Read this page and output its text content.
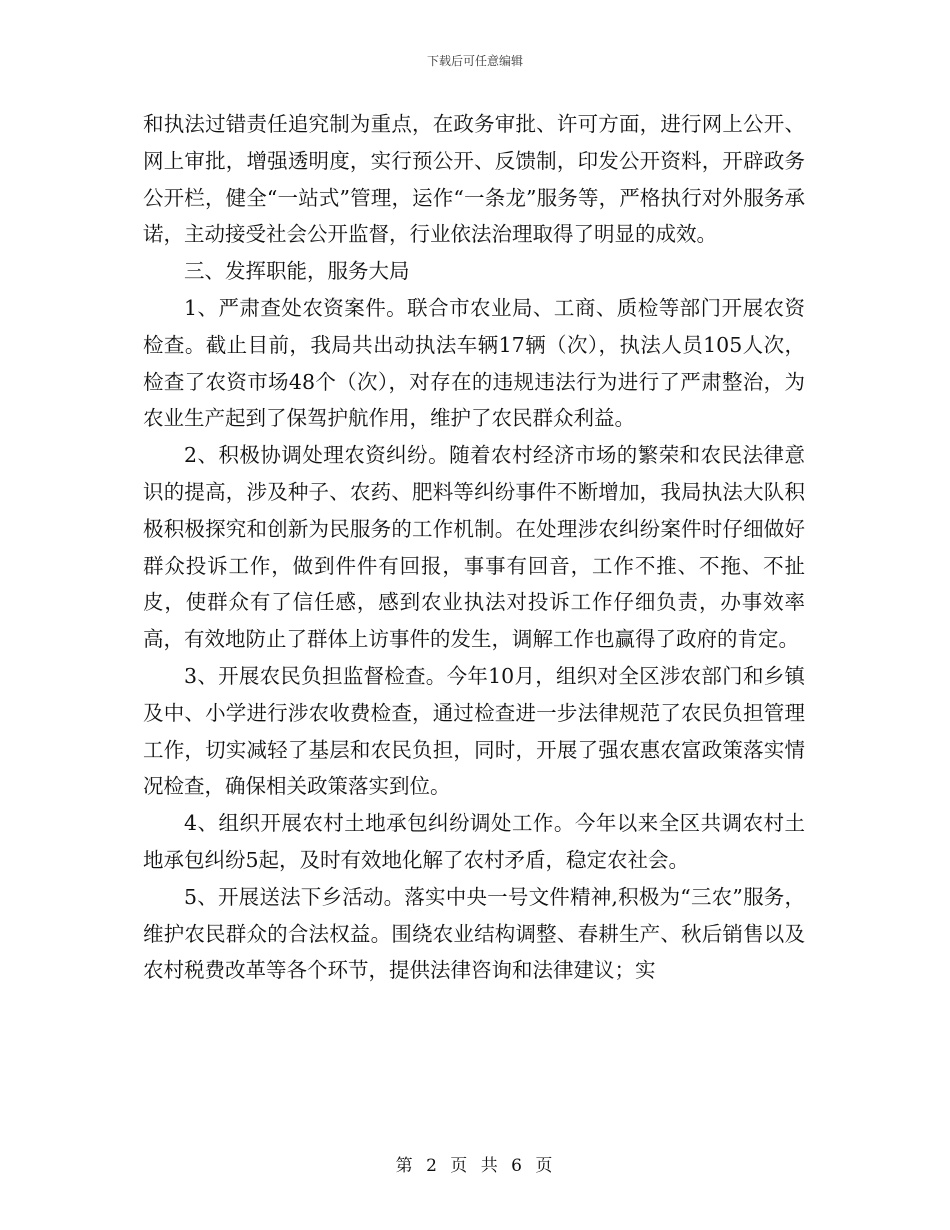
下载后可任意编辑

和执法过错责任追究制为重点，在政务审批、许可方面，进行网上公开、网上审批，增强透明度，实行预公开、反馈制，印发公开资料，开辟政务公开栏，健全“一站式”管理，运作“一条龙”服务等，严格执行对外服务承诺，主动接受社会公开监督，行业依法治理取得了明显的成效。

三、发挥职能，服务大局

1、严肃查处农资案件。联合市农业局、工商、质检等部门开展农资检查。截止目前，我局共出动执法车辆17辆（次），执法人员105人次，检查了农资市场48个（次），对存在的违规违法行为进行了严肃整治，为农业生产起到了保驾护航作用，维护了农民群众利益。

2、积极协调处理农资纠纷。随着农村经济市场的繁荣和农民法律意识的提高，涉及种子、农药、肥料等纠纷事件不断增加，我局执法大队积极积极探究和创新为民服务的工作机制。在处理涉农纠纷案件时仔细做好群众投诉工作，做到件件有回报，事事有回音，工作不推、不拖、不扯皮，使群众有了信任感，感到农业执法对投诉工作仔细负责，办事效率高，有效地防止了群体上访事件的发生，调解工作也赢得了政府的肯定。

3、开展农民负担监督检查。今年10月，组织对全区涉农部门和乡镇及中、小学进行涉农收费检查，通过检查进一步法律规范了农民负担管理工作，切实减轻了基层和农民负担，同时，开展了强农惠农富政策落实情况检查，确保相关政策落实到位。

4、组织开展农村土地承包纠纷调处工作。今年以来全区共调农村土地承包纠纷5起，及时有效地化解了农村矛盾，稳定农社会。

5、开展送法下乡活动。落实中央一号文件精神,积极为“三农”服务，维护农民群众的合法权益。围绕农业结构调整、春耕生产、秋后销售以及农村税费改革等各个环节，提供法律咨询和法律建议；实

第 2 页 共 6 页
